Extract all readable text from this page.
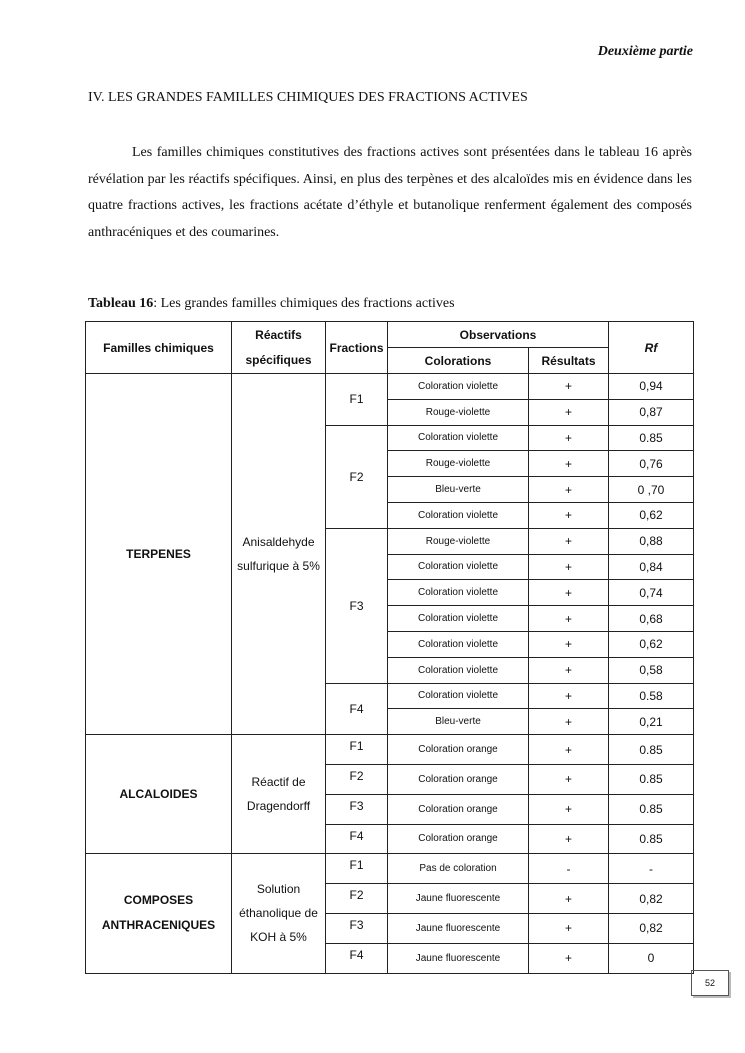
Deuxième partie
IV. LES GRANDES FAMILLES CHIMIQUES DES FRACTIONS ACTIVES

Les familles chimiques constitutives des fractions actives sont présentées dans le tableau 16 après révélation par les réactifs spécifiques. Ainsi, en plus des terpènes et des alcaloïdes mis en évidence dans les quatre fractions actives, les fractions acétate d’éthyle et butanolique renferment également des composés anthracéniques et des coumarines.

Tableau 16: Les grandes familles chimiques des fractions actives
Familles chimiques	Réactifs spécifiques	Fractions	Observations		Rf
			Colorations	Résultats	
TERPENES	Anisaldehyde sulfurique à 5%	F1	Coloration violette	+	0,94
			Rouge-violette	+	0,87
		F2	Coloration violette	+	0.85
			Rouge-violette	+	0,76
			Bleu-verte	+	0 ,70
			Coloration violette	+	0,62
		F3	Rouge-violette	+	0,88
			Coloration violette	+	0,84
			Coloration violette	+	0,74
			Coloration violette	+	0,68
			Coloration violette	+	0,62
			Coloration violette	+	0,58
		F4	Coloration violette	+	0.58
			Bleu-verte	+	0,21
ALCALOIDES	Réactif de Dragendorff	F1	Coloration orange	+	0.85
		F2	Coloration orange	+	0.85
		F3	Coloration orange	+	0.85
		F4	Coloration orange	+	0.85
COMPOSES ANTHRACENIQUES	Solution éthanolique de KOH à 5%	F1	Pas de coloration	-	-
		F2	Jaune fluorescente	+	0,82
		F3	Jaune fluorescente	+	0,82
		F4	Jaune fluorescente	+	0
52
